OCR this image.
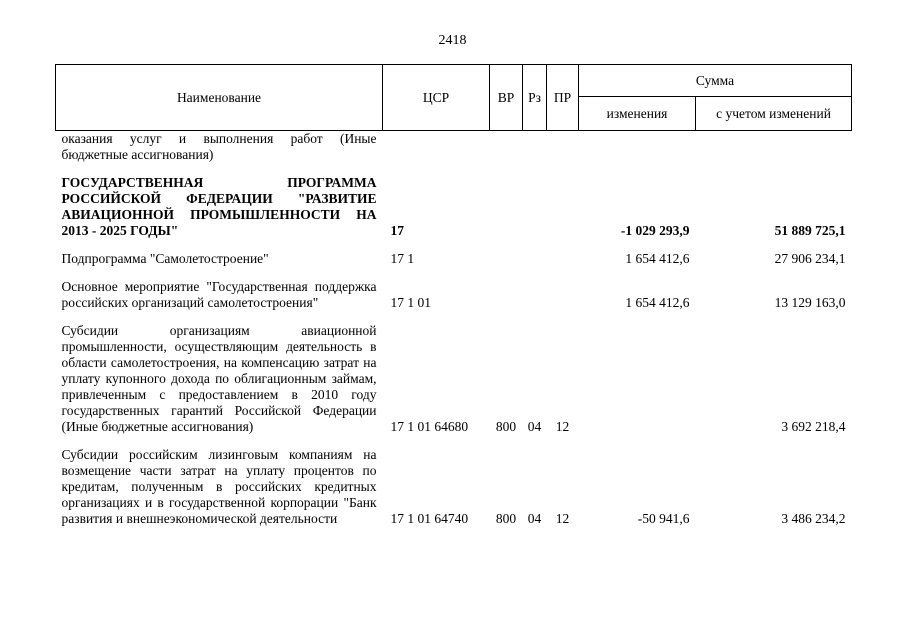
2418
Наименование	ЦСР	ВР	Рз	ПР	Сумма	
					изменения	с учетом изменений
оказания услуг и выполнения работ (Иные бюджетные ассигнования)						

ГОСУДАРСТВЕННАЯ ПРОГРАММА РОССИЙСКОЙ ФЕДЕРАЦИИ "РАЗВИТИЕ АВИАЦИОННОЙ ПРОМЫШЛЕННОСТИ НА 2013 - 2025 ГОДЫ"	17				-1 029 293,9	51 889 725,1

Подпрограмма "Самолетостроение"	17 1				1 654 412,6	27 906 234,1

Основное мероприятие "Государственная поддержка российских организаций самолетостроения"	17 1 01				1 654 412,6	13 129 163,0

Субсидии организациям авиационной промышленности, осуществляющим деятельность в области самолетостроения, на компенсацию затрат на уплату купонного дохода по облигационным займам, привлеченным с предоставлением в 2010 году государственных гарантий Российской Федерации (Иные бюджетные ассигнования)	17 1 01 64680	800	04	12		3 692 218,4

Субсидии российским лизинговым компаниям на возмещение части затрат на уплату процентов по кредитам, полученным в российских кредитных организациях и в государственной корпорации "Банк развития и внешнеэкономической деятельности	17 1 01 64740	800	04	12	-50 941,6	3 486 234,2
